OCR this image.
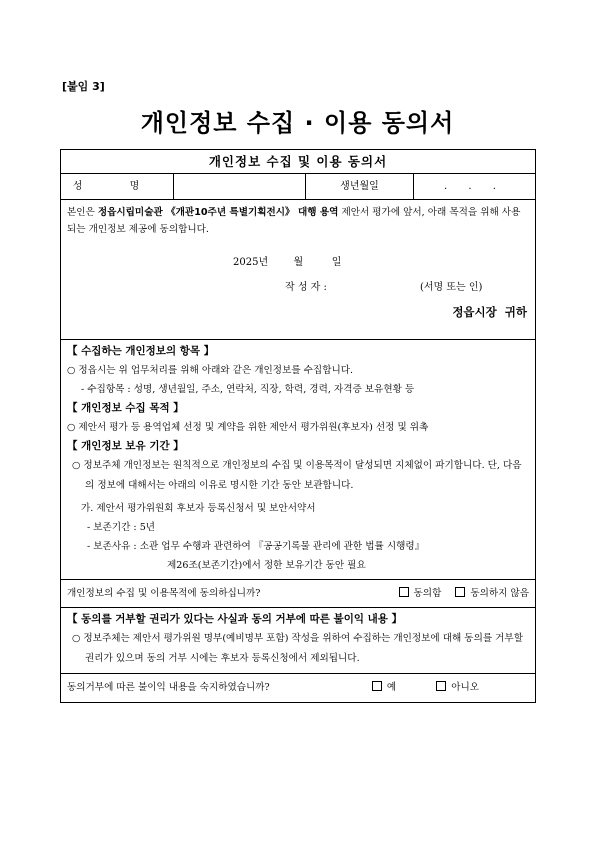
[붙임 3]
개인정보 수집 · 이용 동의서
개인정보 수집 및 이용 동의서
성 명	생년월일	. . .
본인은 정읍시립미술관 《개관10주년 특별기획전시》 대행 용역 제안서 평가에 앞서, 아래 목적을 위해 사용되는 개인정보 제공에 동의합니다.
2025년        월         일
작 성 자 :	(서명 또는 인)
정읍시장  귀하
【 수집하는 개인정보의 항목 】
○ 정읍시는 위 업무처리를 위해 아래와 같은 개인정보를 수집합니다.
- 수집항목 : 성명, 생년월일, 주소, 연락처, 직장, 학력, 경력, 자격증 보유현황 등
【 개인정보 수집 목적 】
○ 제안서 평가 등 용역업체 선정 및 계약을 위한 제안서 평가위원(후보자) 선정 및 위촉
【 개인정보 보유 기간 】
○ 정보주체 개인정보는 원칙적으로 개인정보의 수집 및 이용목적이 달성되면 지체없이 파기합니다. 단, 다음의 정보에 대해서는 아래의 이유로 명시한 기간 동안 보관합니다.
가. 제안서 평가위원회 후보자 등록신청서 및 보안서약서
- 보존기간 : 5년
- 보존사유 : 소관 업무 수행과 관련하여 『공공기록물 관리에 관한 법률 시행령』
제26조(보존기간)에서 정한 보유기간 동안 필요
개인정보의 수집 및 이용목적에 동의하십니까?	동의함	동의하지 않음
【 동의를 거부할 권리가 있다는 사실과 동의 거부에 따른 불이익 내용 】
○ 정보주체는 제안서 평가위원 명부(예비명부 포함) 작성을 위하여 수집하는 개인정보에 대해 동의를 거부할 권리가 있으며 동의 거부 시에는 후보자 등록신청에서 제외됩니다.
동의거부에 따른 불이익 내용을 숙지하였습니까?	예	아니오
